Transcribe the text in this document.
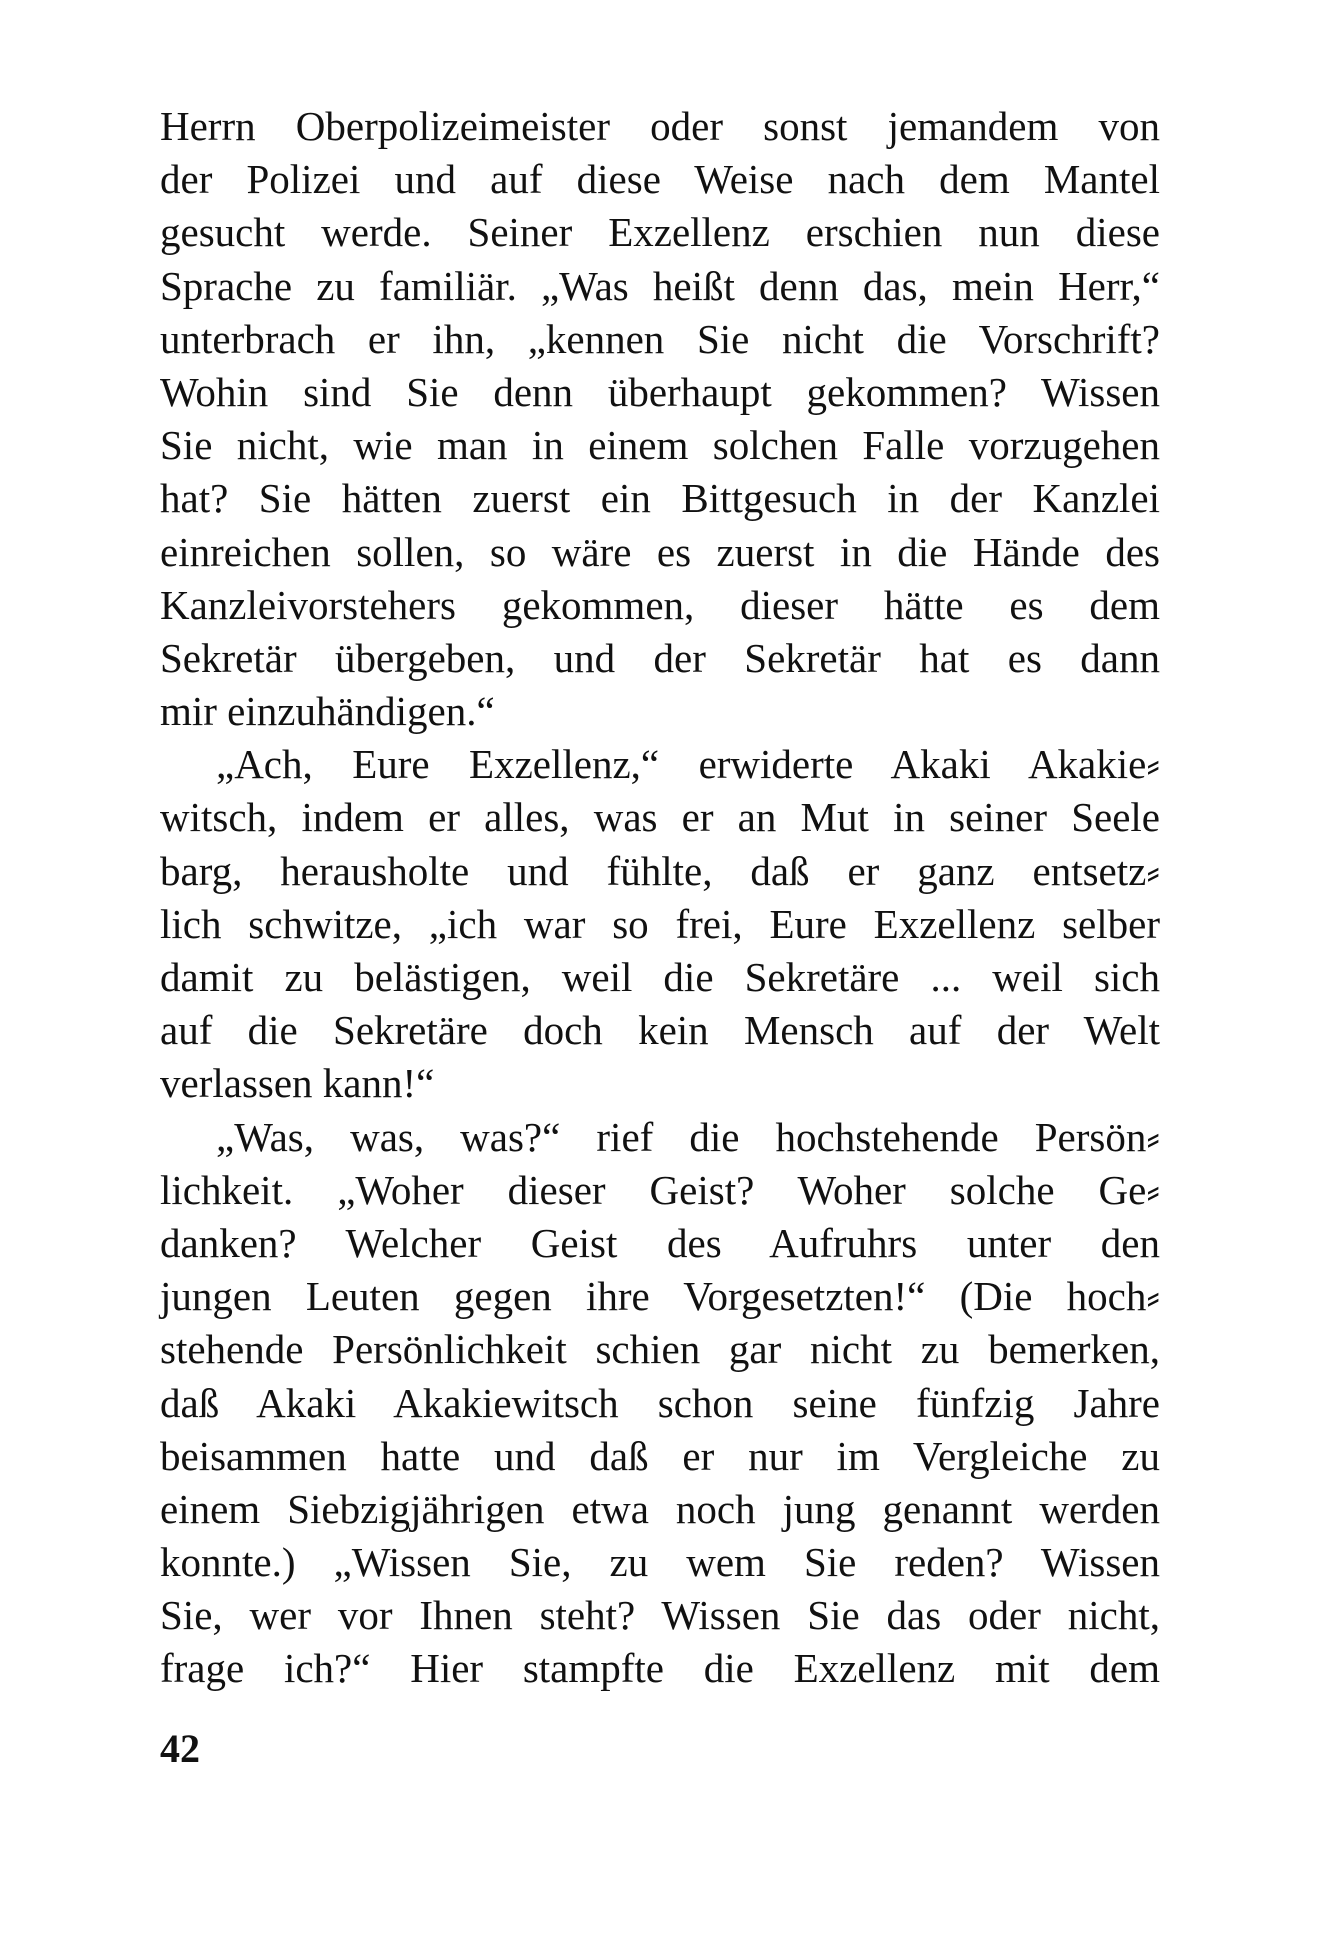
Herrn Oberpolizeimeister oder sonst jemandem von
der Polizei und auf diese Weise nach dem Mantel
gesucht werde. Seiner Exzellenz erschien nun diese
Sprache zu familiär. „Was heißt denn das, mein Herr,“
unterbrach er ihn, „kennen Sie nicht die Vorschrift?
Wohin sind Sie denn überhaupt gekommen? Wissen
Sie nicht, wie man in einem solchen Falle vorzugehen
hat? Sie hätten zuerst ein Bittgesuch in der Kanzlei
einreichen sollen, so wäre es zuerst in die Hände des
Kanzleivorstehers gekommen, dieser hätte es dem
Sekretär übergeben, und der Sekretär hat es dann
mir einzuhändigen.“
„Ach, Eure Exzellenz,“ erwiderte Akaki Akakie⸗
witsch, indem er alles, was er an Mut in seiner Seele
barg, herausholte und fühlte, daß er ganz entsetz⸗
lich schwitze, „ich war so frei, Eure Exzellenz selber
damit zu belästigen, weil die Sekretäre ... weil sich
auf die Sekretäre doch kein Mensch auf der Welt
verlassen kann!“
„Was, was, was?“ rief die hochstehende Persön⸗
lichkeit. „Woher dieser Geist? Woher solche Ge⸗
danken? Welcher Geist des Aufruhrs unter den
jungen Leuten gegen ihre Vorgesetzten!“ (Die hoch⸗
stehende Persönlichkeit schien gar nicht zu bemerken,
daß Akaki Akakiewitsch schon seine fünfzig Jahre
beisammen hatte und daß er nur im Vergleiche zu
einem Siebzigjährigen etwa noch jung genannt werden
konnte.) „Wissen Sie, zu wem Sie reden? Wissen
Sie, wer vor Ihnen steht? Wissen Sie das oder nicht,
frage ich?“ Hier stampfte die Exzellenz mit dem
42
